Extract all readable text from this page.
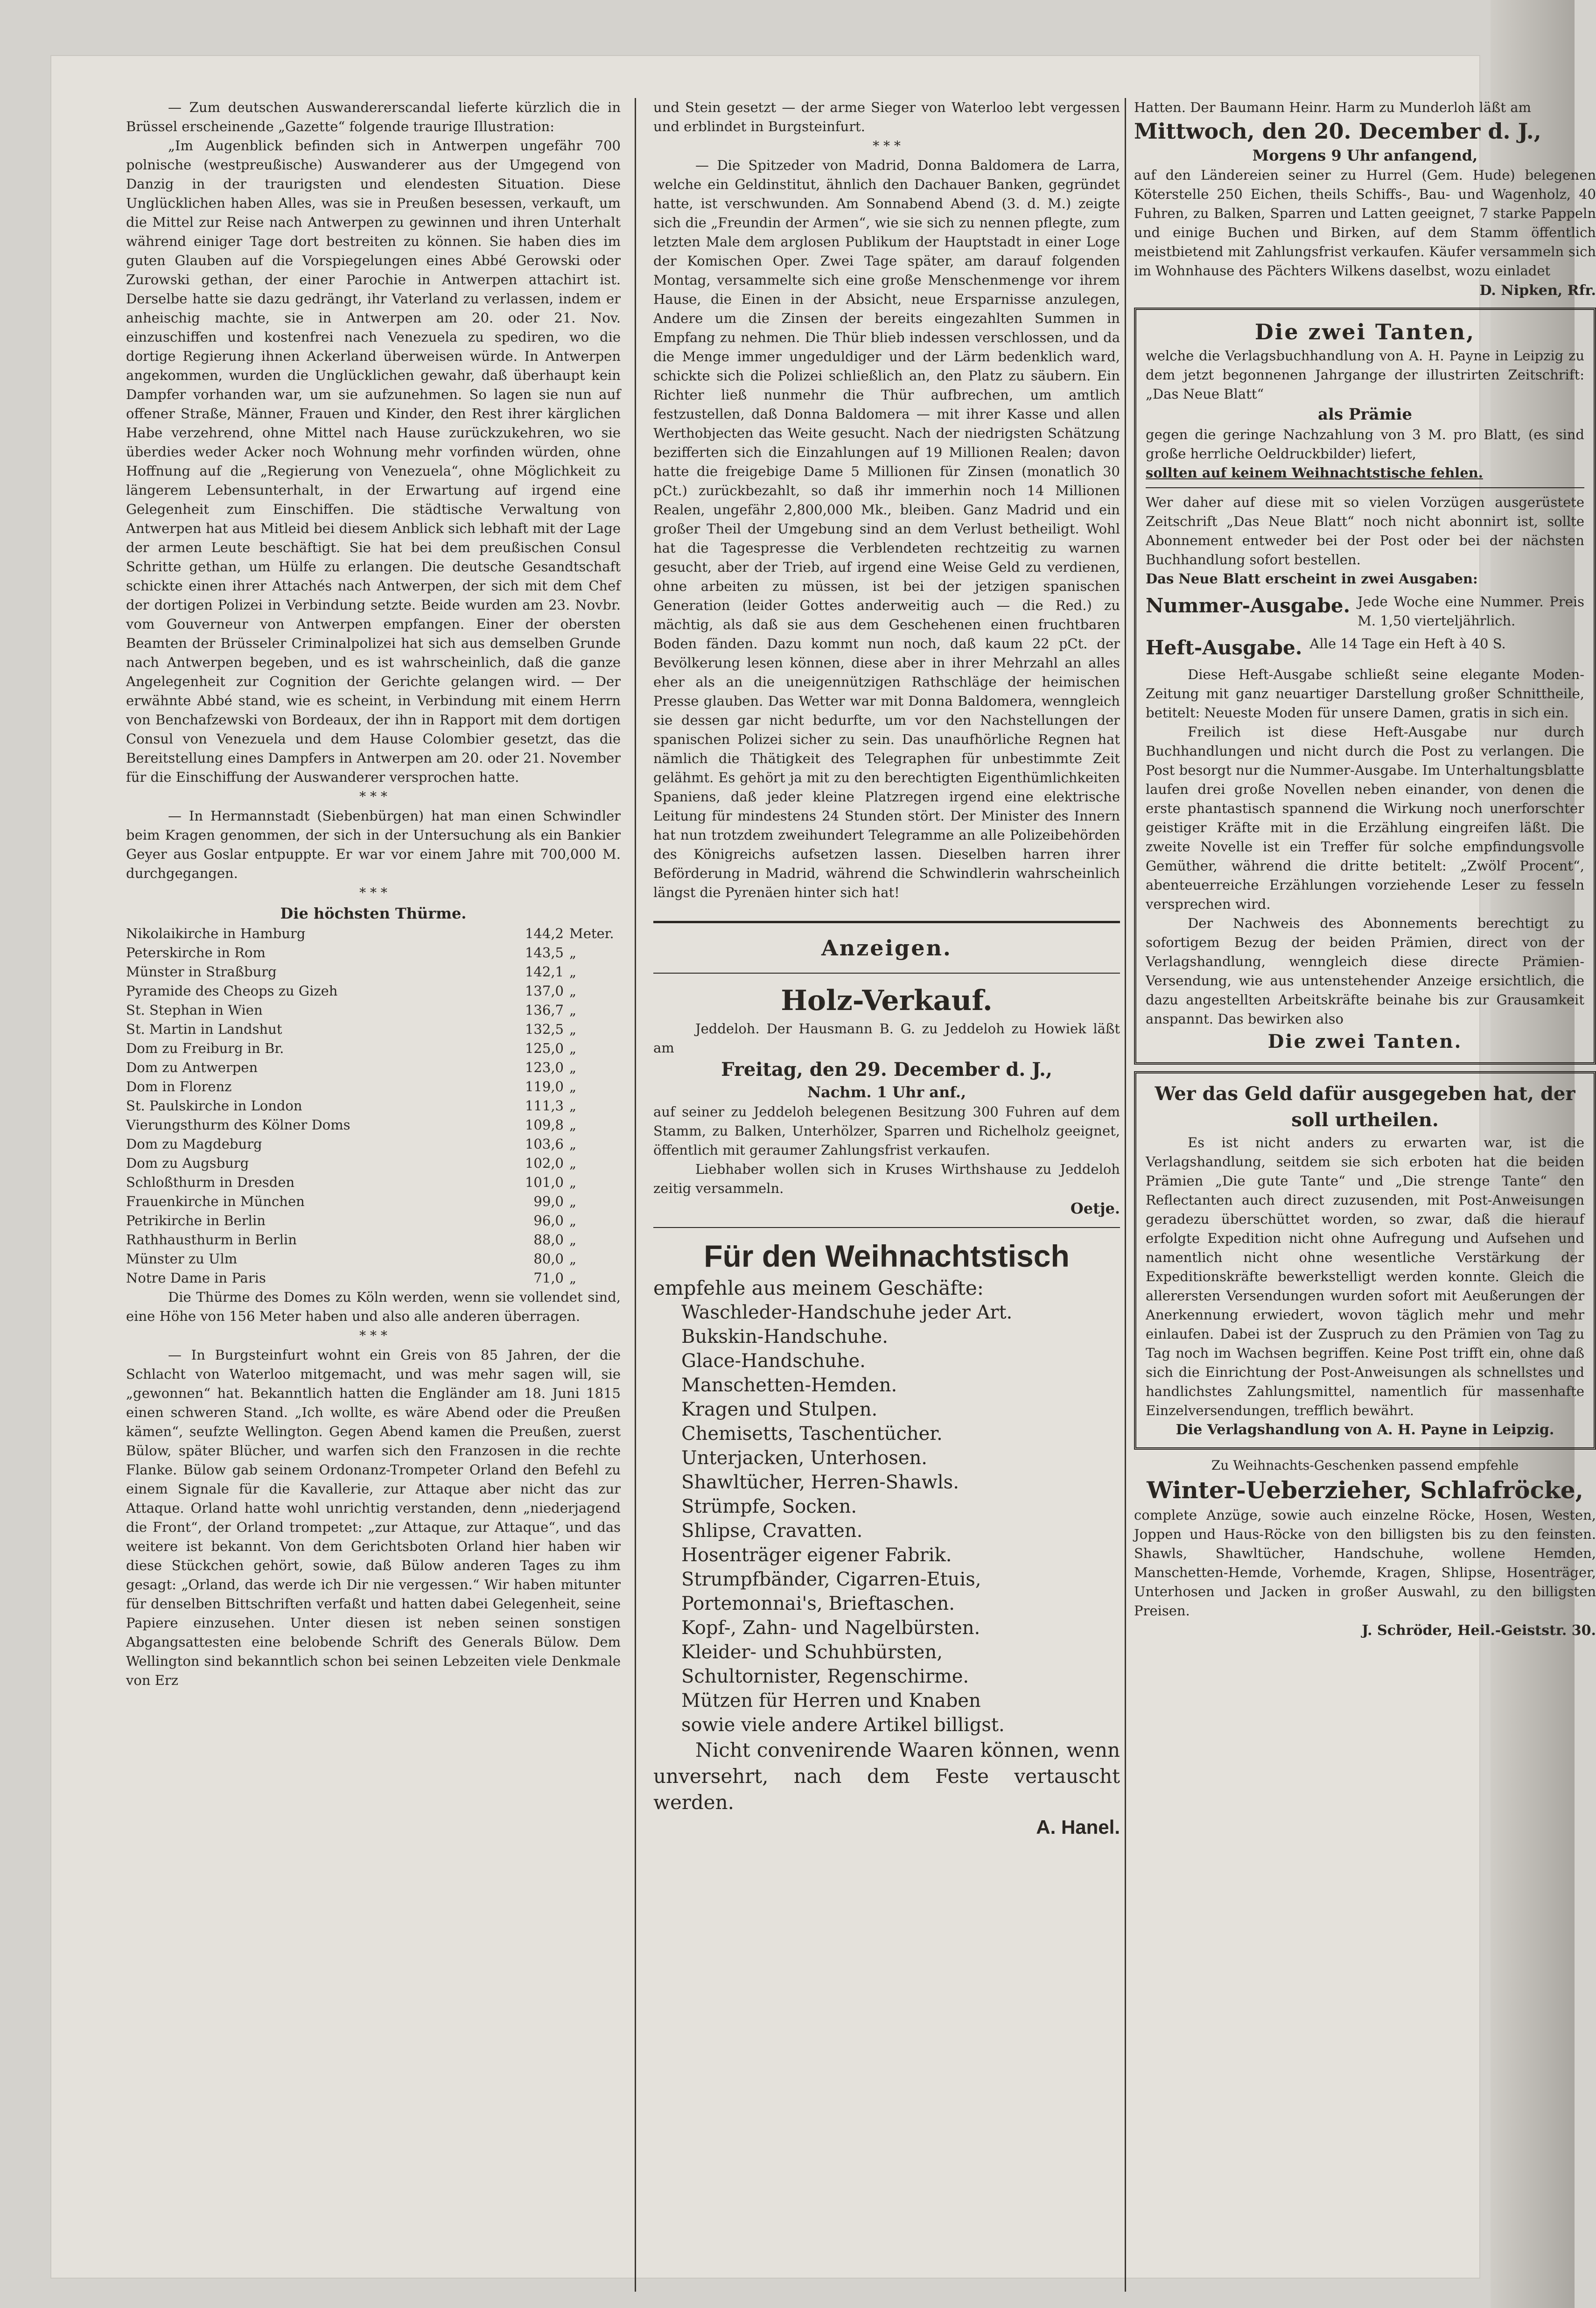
— Zum deutschen Auswandererscandal lieferte kürzlich die in Brüssel erscheinende „Gazette“ folgende traurige Illustration:

„Im Augenblick befinden sich in Antwerpen ungefähr 700 polnische (westpreußische) Auswanderer aus der Umgegend von Danzig in der traurigsten und elendesten Situation. Diese Unglücklichen haben Alles, was sie in Preußen besessen, verkauft, um die Mittel zur Reise nach Antwerpen zu gewinnen und ihren Unterhalt während einiger Tage dort bestreiten zu können. Sie haben dies im guten Glauben auf die Vorspiegelungen eines Abbé Gerowski oder Zurowski gethan, der einer Parochie in Antwerpen attachirt ist. Derselbe hatte sie dazu gedrängt, ihr Vaterland zu verlassen, indem er anheischig machte, sie in Antwerpen am 20. oder 21. Nov. einzuschiffen und kostenfrei nach Venezuela zu spediren, wo die dortige Regierung ihnen Ackerland überweisen würde. In Antwerpen angekommen, wurden die Unglücklichen gewahr, daß überhaupt kein Dampfer vorhanden war, um sie aufzunehmen. So lagen sie nun auf offener Straße, Männer, Frauen und Kinder, den Rest ihrer kärglichen Habe verzehrend, ohne Mittel nach Hause zurückzukehren, wo sie überdies weder Acker noch Wohnung mehr vorfinden würden, ohne Hoffnung auf die „Regierung von Venezuela“, ohne Möglichkeit zu längerem Lebensunterhalt, in der Erwartung auf irgend eine Gelegenheit zum Einschiffen. Die städtische Verwaltung von Antwerpen hat aus Mitleid bei diesem Anblick sich lebhaft mit der Lage der armen Leute beschäftigt. Sie hat bei dem preußischen Consul Schritte gethan, um Hülfe zu erlangen. Die deutsche Gesandtschaft schickte einen ihrer Attachés nach Antwerpen, der sich mit dem Chef der dortigen Polizei in Verbindung setzte. Beide wurden am 23. Novbr. vom Gouverneur von Antwerpen empfangen. Einer der obersten Beamten der Brüsseler Criminalpolizei hat sich aus demselben Grunde nach Antwerpen begeben, und es ist wahrscheinlich, daß die ganze Angelegenheit zur Cognition der Gerichte gelangen wird. — Der erwähnte Abbé stand, wie es scheint, in Verbindung mit einem Herrn von Benchafzewski von Bordeaux, der ihn in Rapport mit dem dortigen Consul von Venezuela und dem Hause Colombier gesetzt, das die Bereitstellung eines Dampfers in Antwerpen am 20. oder 21. November für die Einschiffung der Auswanderer versprochen hatte.

* * *

— In Hermannstadt (Siebenbürgen) hat man einen Schwindler beim Kragen genommen, der sich in der Untersuchung als ein Bankier Geyer aus Goslar entpuppte. Er war vor einem Jahre mit 700,000 M. durchgegangen.

* * *
Die höchsten Thürme.
Nikolaikirche in Hamburg	144,2	Meter.
Peterskirche in Rom	143,5	„
Münster in Straßburg	142,1	„
Pyramide des Cheops zu Gizeh	137,0	„
St. Stephan in Wien	136,7	„
St. Martin in Landshut	132,5	„
Dom zu Freiburg in Br.	125,0	„
Dom zu Antwerpen	123,0	„
Dom in Florenz	119,0	„
St. Paulskirche in London	111,3	„
Vierungsthurm des Kölner Doms	109,8	„
Dom zu Magdeburg	103,6	„
Dom zu Augsburg	102,0	„
Schloßthurm in Dresden	101,0	„
Frauenkirche in München	99,0	„
Petrikirche in Berlin	96,0	„
Rathhausthurm in Berlin	88,0	„
Münster zu Ulm	80,0	„
Notre Dame in Paris	71,0	„

Die Thürme des Domes zu Köln werden, wenn sie vollendet sind, eine Höhe von 156 Meter haben und also alle anderen überragen.

* * *

— In Burgsteinfurt wohnt ein Greis von 85 Jahren, der die Schlacht von Waterloo mitgemacht, und was mehr sagen will, sie „gewonnen“ hat. Bekanntlich hatten die Engländer am 18. Juni 1815 einen schweren Stand. „Ich wollte, es wäre Abend oder die Preußen kämen“, seufzte Wellington. Gegen Abend kamen die Preußen, zuerst Bülow, später Blücher, und warfen sich den Franzosen in die rechte Flanke. Bülow gab seinem Ordonanz-Trompeter Orland den Befehl zu einem Signale für die Kavallerie, zur Attaque aber nicht das zur Attaque. Orland hatte wohl unrichtig verstanden, denn „niederjagend die Front“, der Orland trompetet: „zur Attaque, zur Attaque“, und das weitere ist bekannt. Von dem Gerichtsboten Orland hier haben wir diese Stückchen gehört, sowie, daß Bülow anderen Tages zu ihm gesagt: „Orland, das werde ich Dir nie vergessen.“ Wir haben mitunter für denselben Bittschriften verfaßt und hatten dabei Gelegenheit, seine Papiere einzusehen. Unter diesen ist neben seinen sonstigen Abgangsattesten eine belobende Schrift des Generals Bülow. Dem Wellington sind bekanntlich schon bei seinen Lebzeiten viele Denkmale von Erz

und Stein gesetzt — der arme Sieger von Waterloo lebt vergessen und erblindet in Burgsteinfurt.

* * *

— Die Spitzeder von Madrid, Donna Baldomera de Larra, welche ein Geldinstitut, ähnlich den Dachauer Banken, gegründet hatte, ist verschwunden. Am Sonnabend Abend (3. d. M.) zeigte sich die „Freundin der Armen“, wie sie sich zu nennen pflegte, zum letzten Male dem arglosen Publikum der Hauptstadt in einer Loge der Komischen Oper. Zwei Tage später, am darauf folgenden Montag, versammelte sich eine große Menschenmenge vor ihrem Hause, die Einen in der Absicht, neue Ersparnisse anzulegen, Andere um die Zinsen der bereits eingezahlten Summen in Empfang zu nehmen. Die Thür blieb indessen verschlossen, und da die Menge immer ungeduldiger und der Lärm bedenklich ward, schickte sich die Polizei schließlich an, den Platz zu säubern. Ein Richter ließ nunmehr die Thür aufbrechen, um amtlich festzustellen, daß Donna Baldomera — mit ihrer Kasse und allen Werthobjecten das Weite gesucht. Nach der niedrigsten Schätzung bezifferten sich die Einzahlungen auf 19 Millionen Realen; davon hatte die freigebige Dame 5 Millionen für Zinsen (monatlich 30 pCt.) zurückbezahlt, so daß ihr immerhin noch 14 Millionen Realen, ungefähr 2,800,000 Mk., bleiben. Ganz Madrid und ein großer Theil der Umgebung sind an dem Verlust betheiligt. Wohl hat die Tagespresse die Verblendeten rechtzeitig zu warnen gesucht, aber der Trieb, auf irgend eine Weise Geld zu verdienen, ohne arbeiten zu müssen, ist bei der jetzigen spanischen Generation (leider Gottes anderweitig auch — die Red.) zu mächtig, als daß sie aus dem Geschehenen einen fruchtbaren Boden fänden. Dazu kommt nun noch, daß kaum 22 pCt. der Bevölkerung lesen können, diese aber in ihrer Mehrzahl an alles eher als an die uneigennützigen Rathschläge der heimischen Presse glauben. Das Wetter war mit Donna Baldomera, wenngleich sie dessen gar nicht bedurfte, um vor den Nachstellungen der spanischen Polizei sicher zu sein. Das unaufhörliche Regnen hat nämlich die Thätigkeit des Telegraphen für unbestimmte Zeit gelähmt. Es gehört ja mit zu den berechtigten Eigenthümlichkeiten Spaniens, daß jeder kleine Platzregen irgend eine elektrische Leitung für mindestens 24 Stunden stört. Der Minister des Innern hat nun trotzdem zweihundert Telegramme an alle Polizeibehörden des Königreichs aufsetzen lassen. Dieselben harren ihrer Beförderung in Madrid, während die Schwindlerin wahrscheinlich längst die Pyrenäen hinter sich hat!

Anzeigen.
Holz-Verkauf.

Jeddeloh. Der Hausmann B. G. zu Jeddeloh zu Howiek läßt am

Freitag, den 29. December d. J.,
Nachm. 1 Uhr anf.,

auf seiner zu Jeddeloh belegenen Besitzung 300 Fuhren auf dem Stamm, zu Balken, Unterhölzer, Sparren und Richelholz geeignet, öffentlich mit geraumer Zahlungsfrist verkaufen.

Liebhaber wollen sich in Kruses Wirthshause zu Jeddeloh zeitig versammeln.

Oetje.
Für den Weihnachtstisch

empfehle aus meinem Geschäfte:

Waschleder-Handschuhe jeder Art.

Bukskin-Handschuhe.

Glace-Handschuhe.

Manschetten-Hemden.

Kragen und Stulpen.

Chemisetts, Taschentücher.

Unterjacken, Unterhosen.

Shawltücher, Herren-Shawls.

Strümpfe, Socken.

Shlipse, Cravatten.

Hosenträger eigener Fabrik.

Strumpfbänder, Cigarren-Etuis,

Portemonnai's, Brieftaschen.

Kopf-, Zahn- und Nagelbürsten.

Kleider- und Schuhbürsten,

Schultornister, Regenschirme.

Mützen für Herren und Knaben

sowie viele andere Artikel billigst.

Nicht convenirende Waaren können, wenn unversehrt, nach dem Feste vertauscht werden.

A. Hanel.

Hatten. Der Baumann Heinr. Harm zu Munderloh läßt am

Mittwoch, den 20. December d. J.,
Morgens 9 Uhr anfangend,

auf den Ländereien seiner zu Hurrel (Gem. Hude) belegenen Köterstelle 250 Eichen, theils Schiffs-, Bau- und Wagenholz, 40 Fuhren, zu Balken, Sparren und Latten geeignet, 7 starke Pappeln und einige Buchen und Birken, auf dem Stamm öffentlich meistbietend mit Zahlungsfrist verkaufen. Käufer versammeln sich im Wohnhause des Pächters Wilkens daselbst, wozu einladet

D. Nipken, Rfr.
Die zwei Tanten,

welche die Verlagsbuchhandlung von A. H. Payne in Leipzig zu dem jetzt begonnenen Jahrgange der illustrirten Zeitschrift: „Das Neue Blatt“

als Prämie

gegen die geringe Nachzahlung von 3 M. pro Blatt, (es sind große herrliche Oeldruckbilder) liefert,

sollten auf keinem Weihnachtstische fehlen.

Wer daher auf diese mit so vielen Vorzügen ausgerüstete Zeitschrift „Das Neue Blatt“ noch nicht abonnirt ist, sollte Abonnement entweder bei der Post oder bei der nächsten Buchhandlung sofort bestellen.

Das Neue Blatt erscheint in zwei Ausgaben:

Nummer-Ausgabe. Jede Woche eine Nummer. Preis M. 1,50 vierteljährlich.

Heft-Ausgabe. Alle 14 Tage ein Heft à 40 S.

Diese Heft-Ausgabe schließt seine elegante Moden-Zeitung mit ganz neuartiger Darstellung großer Schnittheile, betitelt: Neueste Moden für unsere Damen, gratis in sich ein.

Freilich ist diese Heft-Ausgabe nur durch Buchhandlungen und nicht durch die Post zu verlangen. Die Post besorgt nur die Nummer-Ausgabe. Im Unterhaltungsblatte laufen drei große Novellen neben einander, von denen die erste phantastisch spannend die Wirkung noch unerforschter geistiger Kräfte mit in die Erzählung eingreifen läßt. Die zweite Novelle ist ein Treffer für solche empfindungsvolle Gemüther, während die dritte betitelt: „Zwölf Procent“, abenteuerreiche Erzählungen vorziehende Leser zu fesseln versprechen wird.

Der Nachweis des Abonnements berechtigt zu sofortigem Bezug der beiden Prämien, direct von der Verlagshandlung, wenngleich diese directe Prämien-Versendung, wie aus untenstehender Anzeige ersichtlich, die dazu angestellten Arbeitskräfte beinahe bis zur Grausamkeit anspannt. Das bewirken also

Die zwei Tanten.
Wer das Geld dafür ausgegeben hat, der soll urtheilen.

Es ist nicht anders zu erwarten war, ist die Verlagshandlung, seitdem sie sich erboten hat die beiden Prämien „Die gute Tante“ und „Die strenge Tante“ den Reflectanten auch direct zuzusenden, mit Post-Anweisungen geradezu überschüttet worden, so zwar, daß die hierauf erfolgte Expedition nicht ohne Aufregung und Aufsehen und namentlich nicht ohne wesentliche Verstärkung der Expeditionskräfte bewerkstelligt werden konnte. Gleich die allerersten Versendungen wurden sofort mit Aeußerungen der Anerkennung erwiedert, wovon täglich mehr und mehr einlaufen. Dabei ist der Zuspruch zu den Prämien von Tag zu Tag noch im Wachsen begriffen. Keine Post trifft ein, ohne daß sich die Einrichtung der Post-Anweisungen als schnellstes und handlichstes Zahlungsmittel, namentlich für massenhafte Einzelversendungen, trefflich bewährt.

Die Verlagshandlung von A. H. Payne in Leipzig.
Zu Weihnachts-Geschenken passend empfehle
Winter-Ueberzieher, Schlafröcke,

complete Anzüge, sowie auch einzelne Röcke, Hosen, Westen, Joppen und Haus-Röcke von den billigsten bis zu den feinsten. Shawls, Shawltücher, Handschuhe, wollene Hemden, Manschetten-Hemde, Vorhemde, Kragen, Shlipse, Hosenträger, Unterhosen und Jacken in großer Auswahl, zu den billigsten Preisen.

J. Schröder, Heil.-Geiststr. 30.
